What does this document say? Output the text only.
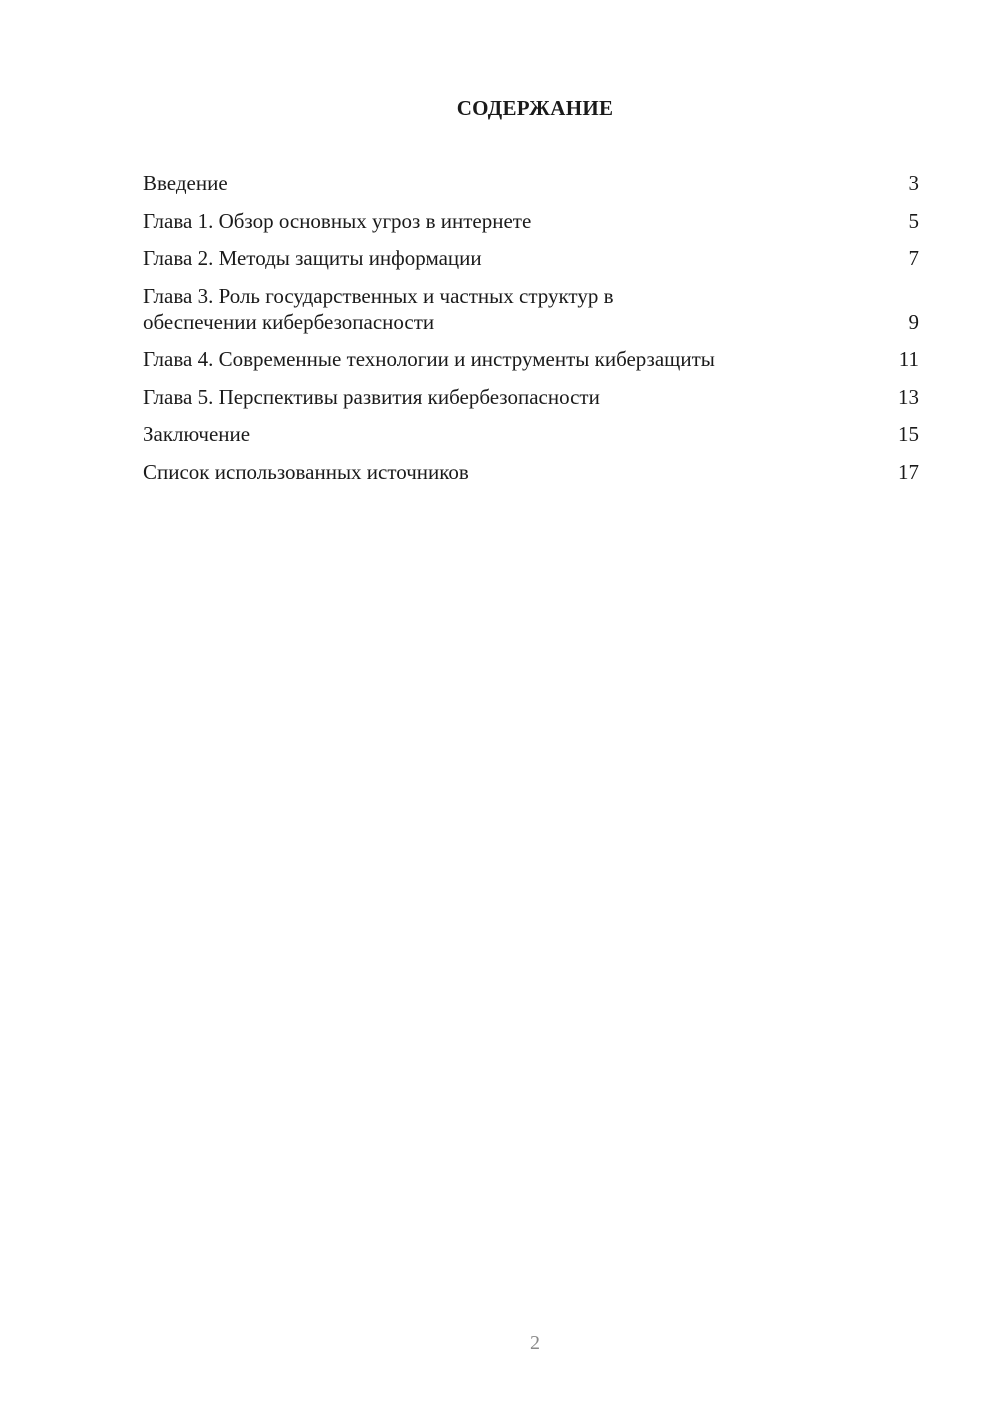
СОДЕРЖАНИЕ
Введение	3
Глава 1. Обзор основных угроз в интернете	5
Глава 2. Методы защиты информации	7
Глава 3. Роль государственных и частных структур в
обеспечении кибербезопасности	9
Глава 4. Современные технологии и инструменты киберзащиты	11
Глава 5. Перспективы развития кибербезопасности	13
Заключение	15
Список использованных источников	17
2
